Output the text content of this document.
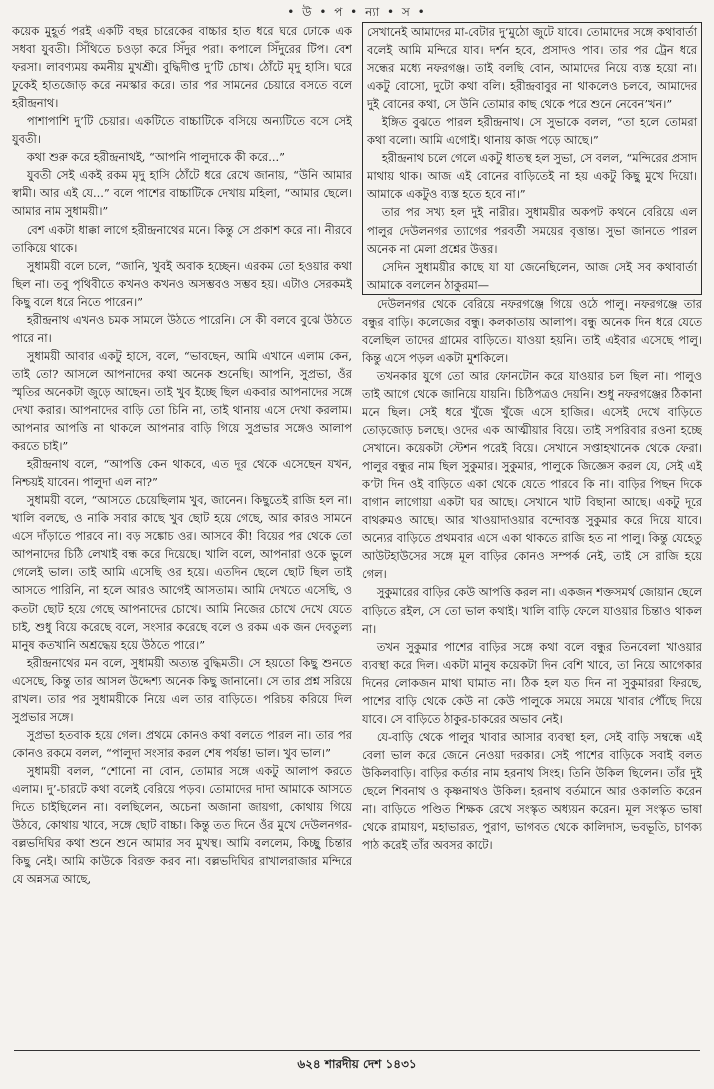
• উ • প • ন্যা • স •

কয়েক মুহূর্ত পরই একটি বছর চারেকের বাচ্চার হাত ধরে ঘরে ঢোকে এক সধবা যুবতী। সিঁথিতে চওড়া করে সিঁদুর পরা। কপালে সিঁদুরের টিপ। বেশ ফরসা। লাবণ্যময় কমনীয় মুখশ্রী। বুদ্ধিদীপ্ত দু’টি চোখ। ঠোঁটে মৃদু হাসি। ঘরে ঢুকেই হাতজোড় করে নমস্কার করে। তার পর সামনের চেয়ারে বসতে বলে হরীন্দ্রনাথ।

পাশাপাশি দু’টি চেয়ার। একটিতে বাচ্চাটিকে বসিয়ে অন্যটিতে বসে সেই যুবতী।

কথা শুরু করে হরীন্দ্রনাথই, “আপনি পালুদাকে কী করে...”

যুবতী সেই একই রকম মৃদু হাসি ঠোঁটে ধরে রেখে জানায়, “উনি আমার স্বামী। আর এই যে...” বলে পাশের বাচ্চাটিকে দেখায় মহিলা, “আমার ছেলে। আমার নাম সুধাময়ী।”

বেশ একটা ধাক্কা লাগে হরীন্দ্রনাথের মনে। কিন্তু সে প্রকাশ করে না। নীরবে তাকিয়ে থাকে।

সুধাময়ী বলে চলে, “জানি, খুবই অবাক হচ্ছেন। এরকম তো হওয়ার কথা ছিল না। তবু পৃথিবীতে কখনও কখনও অসম্ভবও সম্ভব হয়। এটাও সেরকমই কিছু বলে ধরে নিতে পারেন।”

হরীন্দ্রনাথ এখনও চমক সামলে উঠতে পারেনি। সে কী বলবে বুঝে উঠতে পারে না।

সুধাময়ী আবার একটু হাসে, বলে, “ভাবছেন, আমি এখানে এলাম কেন, তাই তো? আসলে আপনাদের কথা অনেক শুনেছি। আপনি, সুপ্রভা, ওঁর স্মৃতির অনেকটা জুড়ে আছেন। তাই খুব ইচ্ছে ছিল একবার আপনাদের সঙ্গে দেখা করার। আপনাদের বাড়ি তো চিনি না, তাই থানায় এসে দেখা করলাম। আপনার আপত্তি না থাকলে আপনার বাড়ি গিয়ে সুপ্রভার সঙ্গেও আলাপ করতে চাই।”

হরীন্দ্রনাথ বলে, “আপত্তি কেন থাকবে, এত দূর থেকে এসেছেন যখন, নিশ্চয়ই যাবেন। পালুদা এল না?”

সুধাময়ী বলে, “আসতে চেয়েছিলাম খুব, জানেন। কিছুতেই রাজি হল না। খালি বলছে, ও নাকি সবার কাছে খুব ছোট হয়ে গেছে, আর কারও সামনে এসে দাঁড়াতে পারবে না। বড় সঙ্কোচ ওর। আসবে কী! বিয়ের পর থেকে তো আপনাদের চিঠি লেখাই বন্ধ করে দিয়েছে। খালি বলে, আপনারা ওকে ভুলে গেলেই ভাল। তাই আমি এসেছি ওর হয়ে। এতদিন ছেলে ছোট ছিল তাই আসতে পারিনি, না হলে আরও আগেই আসতাম। আমি দেখতে এসেছি, ও কতটা ছোট হয়ে গেছে আপনাদের চোখে। আমি নিজের চোখে দেখে যেতে চাই, শুধু বিয়ে করেছে বলে, সংসার করেছে বলে ও রকম এক জন দেবতুল্য মানুষ কতখানি অশ্রদ্ধেয় হয়ে উঠতে পারে।”

হরীন্দ্রনাথের মন বলে, সুধাময়ী অত্যন্ত বুদ্ধিমতী। সে হয়তো কিছু শুনতে এসেছে, কিন্তু তার আসল উদ্দেশ্য অনেক কিছু জানানো। সে তার প্রশ্ন সরিয়ে রাখল। তার পর সুধাময়ীকে নিয়ে এল তার বাড়িতে। পরিচয় করিয়ে দিল সুপ্রভার সঙ্গে।

সুপ্রভা হতবাক হয়ে গেল। প্রথমে কোনও কথা বলতে পারল না। তার পর কোনও রকমে বলল, “পালুদা সংসার করল শেষ পর্যন্ত! ভাল। খুব ভাল।”

সুধাময়ী বলল, “শোনো না বোন, তোমার সঙ্গে একটু আলাপ করতে এলাম। দু’-চারটে কথা বলেই বেরিয়ে পড়ব। তোমাদের দাদা আমাকে আসতে দিতে চাইছিলেন না। বলছিলেন, অচেনা অজানা জায়গা, কোথায় গিয়ে উঠবে, কোথায় খাবে, সঙ্গে ছোট বাচ্চা। কিন্তু তত দিনে ওঁর মুখে দেউলনগর-বল্লভদিঘির কথা শুনে শুনে আমার সব মুখস্থ। আমি বললেম, কিচ্ছু চিন্তার কিছু নেই। আমি কাউকে বিরক্ত করব না। বল্লভদিঘির রাখালরাজার মন্দিরে যে অন্নসত্র আছে,

সেখানেই আমাদের মা-বেটার দু’মুঠো জুটে যাবে। তোমাদের সঙ্গে কথাবার্তা বলেই আমি মন্দিরে যাব। দর্শন হবে, প্রসাদও পাব। তার পর ট্রেন ধরে সন্ধের মধ্যে নফরগঞ্জ। তাই বলছি বোন, আমাদের নিয়ে ব্যস্ত হয়ো না। একটু বোসো, দুটো কথা বলি। হরীন্দ্রবাবুর না থাকলেও চলবে, আমাদের দুই বোনের কথা, সে উনি তোমার কাছ থেকে পরে শুনে নেবেন’খন।”

ইঙ্গিত বুঝতে পারল হরীন্দ্রনাথ। সে সুভাকে বলল, “তা হলে তোমরা কথা বলো। আমি এগোই। থানায় কাজ পড়ে আছে।”

হরীন্দ্রনাথ চলে গেলে একটু ধাতস্থ হল সুভা, সে বলল, “মন্দিরের প্রসাদ মাথায় থাক। আজ এই বোনের বাড়িতেই না হয় একটু কিছু মুখে দিয়ো। আমাকে একটুও ব্যস্ত হতে হবে না।”

তার পর সখ্য হল দুই নারীর। সুধাময়ীর অকপট কথনে বেরিয়ে এল পালুর দেউলনগর ত্যাগের পরবর্তী সময়ের বৃত্তান্ত। সুভা জানতে পারল অনেক না মেলা প্রশ্নের উত্তর।

সেদিন সুধাময়ীর কাছে যা যা জেনেছিলেন, আজ সেই সব কথাবার্তা আমাকে বললেন ঠাকুরমা—

দেউলনগর থেকে বেরিয়ে নফরগঞ্জে গিয়ে ওঠে পালু। নফরগঞ্জে তার বন্ধুর বাড়ি। কলেজের বন্ধু। কলকাতায় আলাপ। বন্ধু অনেক দিন ধরে যেতে বলেছিল তাদের গ্রামের বাড়িতে। যাওয়া হয়নি। তাই এইবার এসেছে পালু। কিন্তু এসে পড়ল একটা মুশকিলে।

তখনকার যুগে তো আর ফোনটোন করে যাওয়ার চল ছিল না। পালুও তাই আগে থেকে জানিয়ে যায়নি। চিঠিপত্রও দেয়নি। শুধু নফরগঞ্জের ঠিকানা মনে ছিল। সেই ধরে খুঁজে খুঁজে এসে হাজির। এসেই দেখে বাড়িতে তোড়জোড় চলছে। ওদের এক আত্মীয়ার বিয়ে। তাই সপরিবার রওনা হচ্ছে সেখানে। কয়েকটা স্টেশন পরেই বিয়ে। সেখানে সপ্তাহখানেক থেকে ফেরা। পালুর বন্ধুর নাম ছিল সুকুমার। সুকুমার, পালুকে জিজ্ঞেস করল যে, সেই এই ক’টা দিন ওই বাড়িতে একা থেকে যেতে পারবে কি না। বাড়ির পিছন দিকে বাগান লাগোয়া একটা ঘর আছে। সেখানে খাট বিছানা আছে। একটু দূরে বাথরুমও আছে। আর খাওয়াদাওয়ার বন্দোবস্ত সুকুমার করে দিয়ে যাবে। অন্যের বাড়িতে প্রথমবার এসে একা থাকতে রাজি হত না পালু। কিন্তু যেহেতু আউটহাউসের সঙ্গে মূল বাড়ির কোনও সম্পর্ক নেই, তাই সে রাজি হয়ে গেল।

সুকুমারের বাড়ির কেউ আপত্তি করল না। একজন শক্তসমর্থ জোয়ান ছেলে বাড়িতে রইল, সে তো ভাল কথাই। খালি বাড়ি ফেলে যাওয়ার চিন্তাও থাকল না।

তখন সুকুমার পাশের বাড়ির সঙ্গে কথা বলে বন্ধুর তিনবেলা খাওয়ার ব্যবস্থা করে দিল। একটা মানুষ কয়েকটা দিন বেশি খাবে, তা নিয়ে আগেকার দিনের লোকজন মাথা ঘামাত না। ঠিক হল যত দিন না সুকুমাররা ফিরছে, পাশের বাড়ি থেকে কেউ না কেউ পালুকে সময়ে সময়ে খাবার পৌঁছে দিয়ে যাবে। সে বাড়িতে ঠাকুর-চাকরের অভাব নেই।

যে-বাড়ি থেকে পালুর খাবার আসার ব্যবস্থা হল, সেই বাড়ি সম্বন্ধে এই বেলা ভাল করে জেনে নেওয়া দরকার। সেই পাশের বাড়িকে সবাই বলত উকিলবাড়ি। বাড়ির কর্তার নাম হরনাথ সিংহ। তিনি উকিল ছিলেন। তাঁর দুই ছেলে শিবনাথ ও কৃষ্ণনাথও উকিল। হরনাথ বর্তমানে আর ওকালতি করেন না। বাড়িতে পণ্ডিত শিক্ষক রেখে সংস্কৃত অধ্যয়ন করেন। মূল সংস্কৃত ভাষা থেকে রামায়ণ, মহাভারত, পুরাণ, ভাগবত থেকে কালিদাস, ভবভূতি, চাণক্য পাঠ করেই তাঁর অবসর কাটে।

৬২৪ শারদীয় দেশ ১৪৩১
